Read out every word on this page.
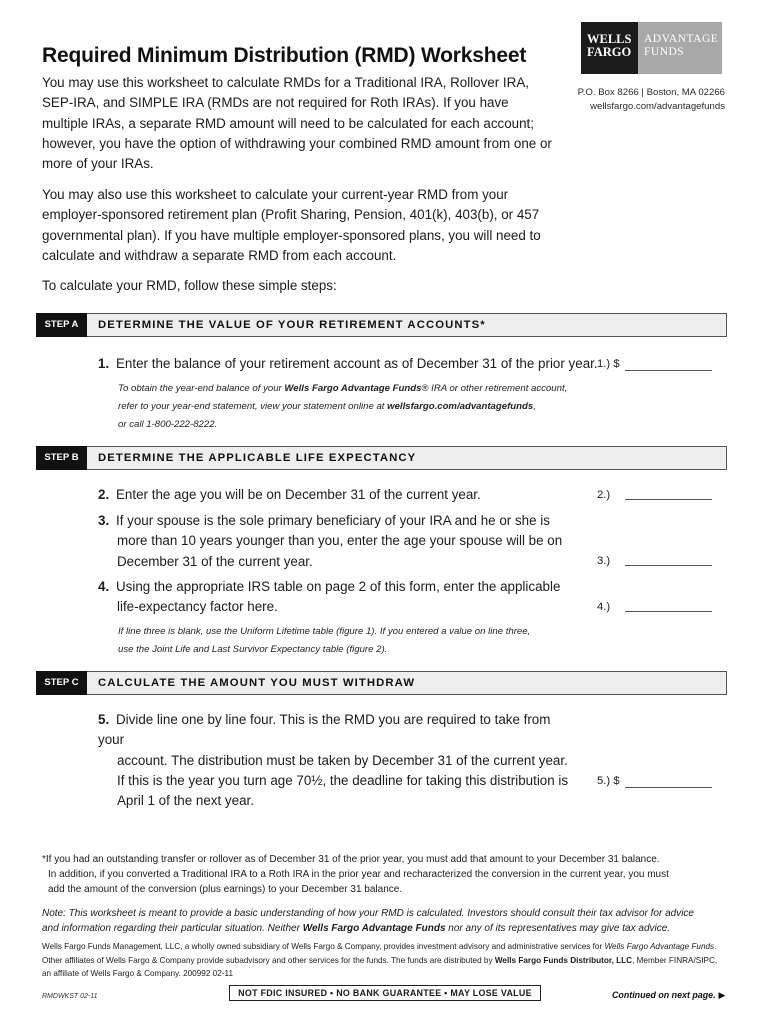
Required Minimum Distribution (RMD) Worksheet
WELLS
FARGO
ADVANTAGE
FUNDS
P.O. Box 8266 | Boston, MA 02266
wellsfargo.com/advantagefunds
You may use this worksheet to calculate RMDs for a Traditional IRA, Rollover IRA, SEP-IRA, and SIMPLE IRA (RMDs are not required for Roth IRAs). If you have multiple IRAs, a separate RMD amount will need to be calculated for each account; however, you have the option of withdrawing your combined RMD amount from one or more of your IRAs.
You may also use this worksheet to calculate your current-year RMD from your employer-sponsored retirement plan (Profit Sharing, Pension, 401(k), 403(b), or 457 governmental plan). If you have multiple employer-sponsored plans, you will need to calculate and withdraw a separate RMD from each account.
To calculate your RMD, follow these simple steps:
STEP A	DETERMINE THE VALUE OF YOUR RETIREMENT ACCOUNTS*
1. Enter the balance of your retirement account as of December 31 of the prior year. 1.) $
To obtain the year-end balance of your Wells Fargo Advantage Funds® IRA or other retirement account,
refer to your year-end statement, view your statement online at wellsfargo.com/advantagefunds,
or call 1-800-222-8222.
STEP B	DETERMINE THE APPLICABLE LIFE EXPECTANCY
2. Enter the age you will be on December 31 of the current year.	2.)
3. If your spouse is the sole primary beneficiary of your IRA and he or she is
more than 10 years younger than you, enter the age your spouse will be on
December 31 of the current year.	3.)
4. Using the appropriate IRS table on page 2 of this form, enter the applicable
life-expectancy factor here.	4.)
If line three is blank, use the Uniform Lifetime table (figure 1). If you entered a value on line three,
use the Joint Life and Last Survivor Expectancy table (figure 2).
STEP C	CALCULATE THE AMOUNT YOU MUST WITHDRAW
5. Divide line one by line four. This is the RMD you are required to take from your
account. The distribution must be taken by December 31 of the current year.
If this is the year you turn age 70½, the deadline for taking this distribution is
April 1 of the next year.
5.) $
*If you had an outstanding transfer or rollover as of December 31 of the prior year, you must add that amount to your December 31 balance.
In addition, if you converted a Traditional IRA to a Roth IRA in the prior year and recharacterized the conversion in the current year, you must
add the amount of the conversion (plus earnings) to your December 31 balance.
Note: This worksheet is meant to provide a basic understanding of how your RMD is calculated. Investors should consult their tax advisor for advice
and information regarding their particular situation. Neither Wells Fargo Advantage Funds nor any of its representatives may give tax advice.
Wells Fargo Funds Management, LLC, a wholly owned subsidiary of Wells Fargo & Company, provides investment advisory and administrative services for Wells Fargo Advantage Funds.
Other affiliates of Wells Fargo & Company provide subadvisory and other services for the funds. The funds are distributed by Wells Fargo Funds Distributor, LLC, Member FINRA/SIPC,
an affiliate of Wells Fargo & Company. 200992 02-11
RMDWKST 02-11	NOT FDIC INSURED • NO BANK GUARANTEE • MAY LOSE VALUE	Continued on next page. ▶
